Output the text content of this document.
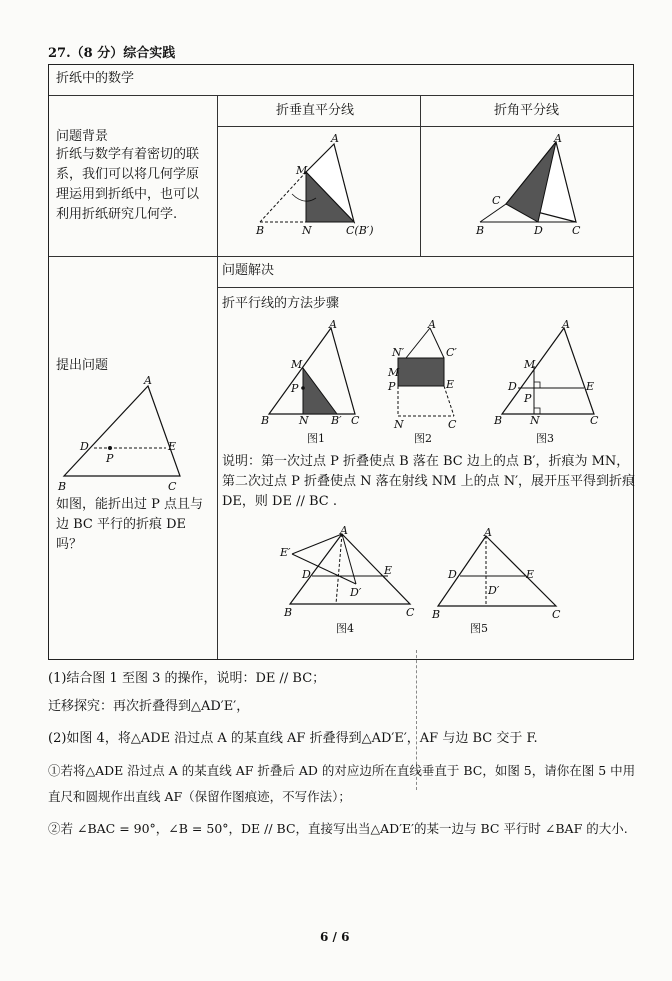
27.（8 分）综合实践
折纸中的数学
折垂直平分线	折角平分线
问题背景
折纸与数学有着密切的联
系，我们可以将几何学原
理运用到折纸中，也可以
利用折纸研究几何学.
提出问题
如图，能折出过 P 点且与
边 BC 平行的折痕 DE
吗？
问题解决
折平行线的方法步骤
说明：第一次过点 P 折叠使点 B 落在 BC 边上的点 B′，折痕为 MN，
第二次过点 P 折叠使点 N 落在射线 NM 上的点 N′，展开压平得到折痕
DE，则 DE // BC .
A
M
B	N	C(B′)
A
C
B	D	C
A
D	E
P
B	C
A
M
P
B	N B′ C
图1
A
N′	C′
M
P	E
N	C
图2
A
M
D
P
E
B	N	C
图3
A
E′
D	E
D′
B	C
图4
A
D	E
D′
B	C
图5
(1)结合图 1 至图 3 的操作，说明：DE // BC；
迁移探究：再次折叠得到△AD′E′，
(2)如图 4，将△ADE 沿过点 A 的某直线 AF 折叠得到△AD′E′，AF 与边 BC 交于 F.
①若将△ADE 沿过点 A 的某直线 AF 折叠后 AD 的对应边所在直线垂直于 BC，如图 5，请你在图 5 中用
直尺和圆规作出直线 AF（保留作图痕迹，不写作法）；
②若 ∠BAC = 90°，∠B = 50°，DE // BC，直接写出当△AD′E′的某一边与 BC 平行时 ∠BAF 的大小.
6 / 6
